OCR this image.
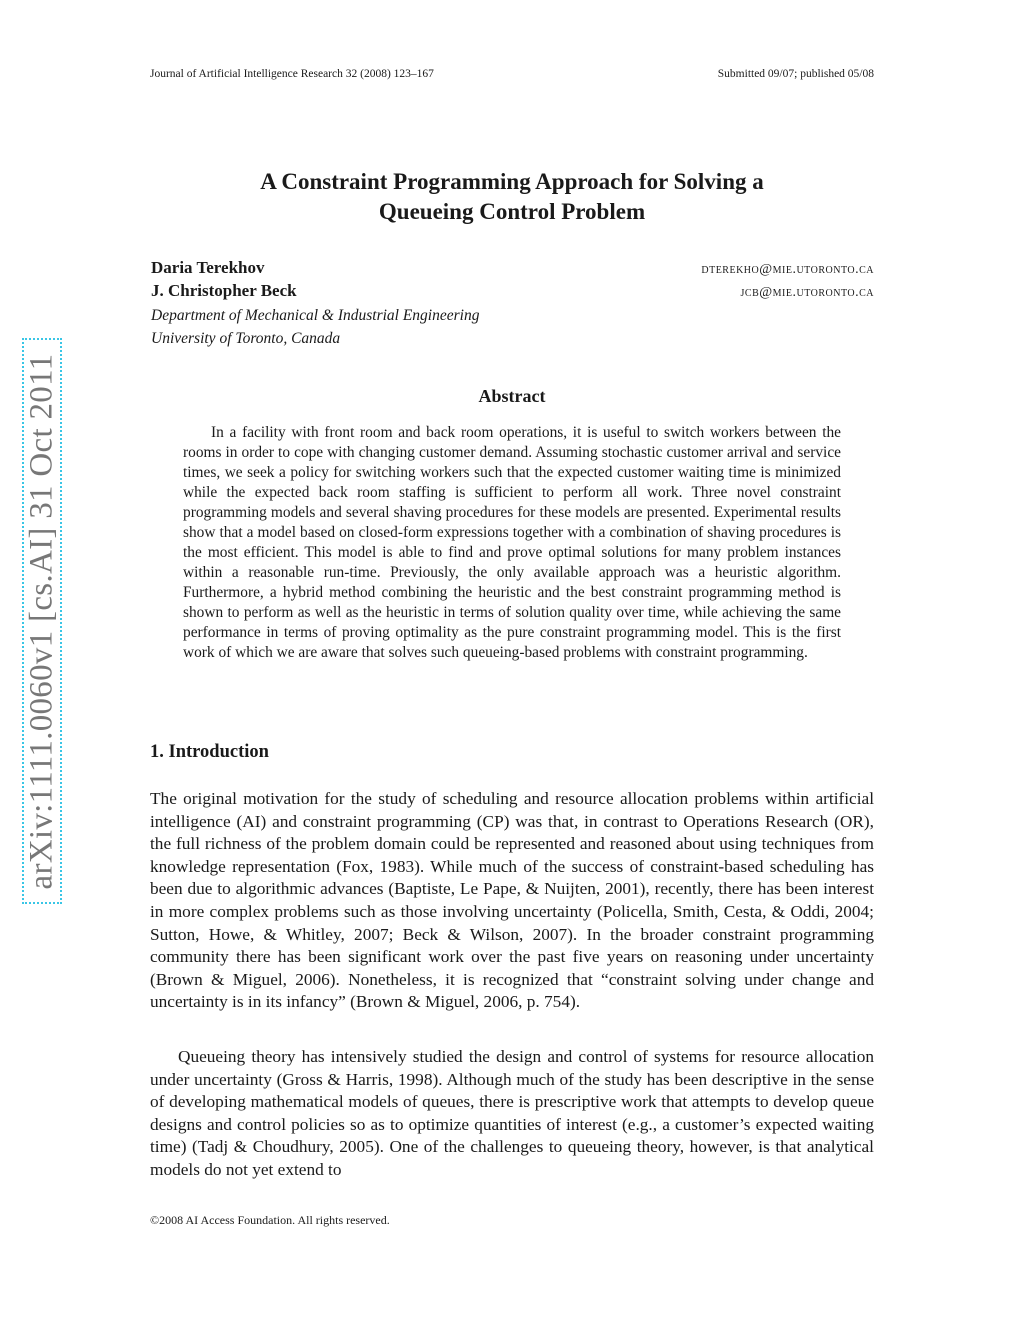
Journal of Artificial Intelligence Research 32 (2008) 123–167	Submitted 09/07; published 05/08
arXiv:1111.0060v1 [cs.AI] 31 Oct 2011
A Constraint Programming Approach for Solving a
Queueing Control Problem
Daria Terekhov	dterekho@mie.utoronto.ca
J. Christopher Beck	jcb@mie.utoronto.ca
Department of Mechanical & Industrial Engineering
University of Toronto, Canada
Abstract

In a facility with front room and back room operations, it is useful to switch workers between the rooms in order to cope with changing customer demand. Assuming stochastic customer arrival and service times, we seek a policy for switching workers such that the expected customer waiting time is minimized while the expected back room staffing is sufficient to perform all work. Three novel constraint programming models and several shaving procedures for these models are presented. Experimental results show that a model based on closed-form expressions together with a combination of shaving procedures is the most efficient. This model is able to find and prove optimal solutions for many problem instances within a reasonable run-time. Previously, the only available approach was a heuristic algorithm. Furthermore, a hybrid method combining the heuristic and the best constraint programming method is shown to perform as well as the heuristic in terms of solution quality over time, while achieving the same performance in terms of proving optimality as the pure constraint programming model. This is the first work of which we are aware that solves such queueing-based problems with constraint programming.

1. Introduction

The original motivation for the study of scheduling and resource allocation problems within artificial intelligence (AI) and constraint programming (CP) was that, in contrast to Operations Research (OR), the full richness of the problem domain could be represented and reasoned about using techniques from knowledge representation (Fox, 1983). While much of the success of constraint-based scheduling has been due to algorithmic advances (Baptiste, Le Pape, & Nuijten, 2001), recently, there has been interest in more complex problems such as those involving uncertainty (Policella, Smith, Cesta, & Oddi, 2004; Sutton, Howe, & Whitley, 2007; Beck & Wilson, 2007). In the broader constraint programming community there has been significant work over the past five years on reasoning under uncertainty (Brown & Miguel, 2006). Nonetheless, it is recognized that “constraint solving under change and uncertainty is in its infancy” (Brown & Miguel, 2006, p. 754).

Queueing theory has intensively studied the design and control of systems for resource allocation under uncertainty (Gross & Harris, 1998). Although much of the study has been descriptive in the sense of developing mathematical models of queues, there is prescriptive work that attempts to develop queue designs and control policies so as to optimize quantities of interest (e.g., a customer’s expected waiting time) (Tadj & Choudhury, 2005). One of the challenges to queueing theory, however, is that analytical models do not yet extend to

©2008 AI Access Foundation. All rights reserved.
